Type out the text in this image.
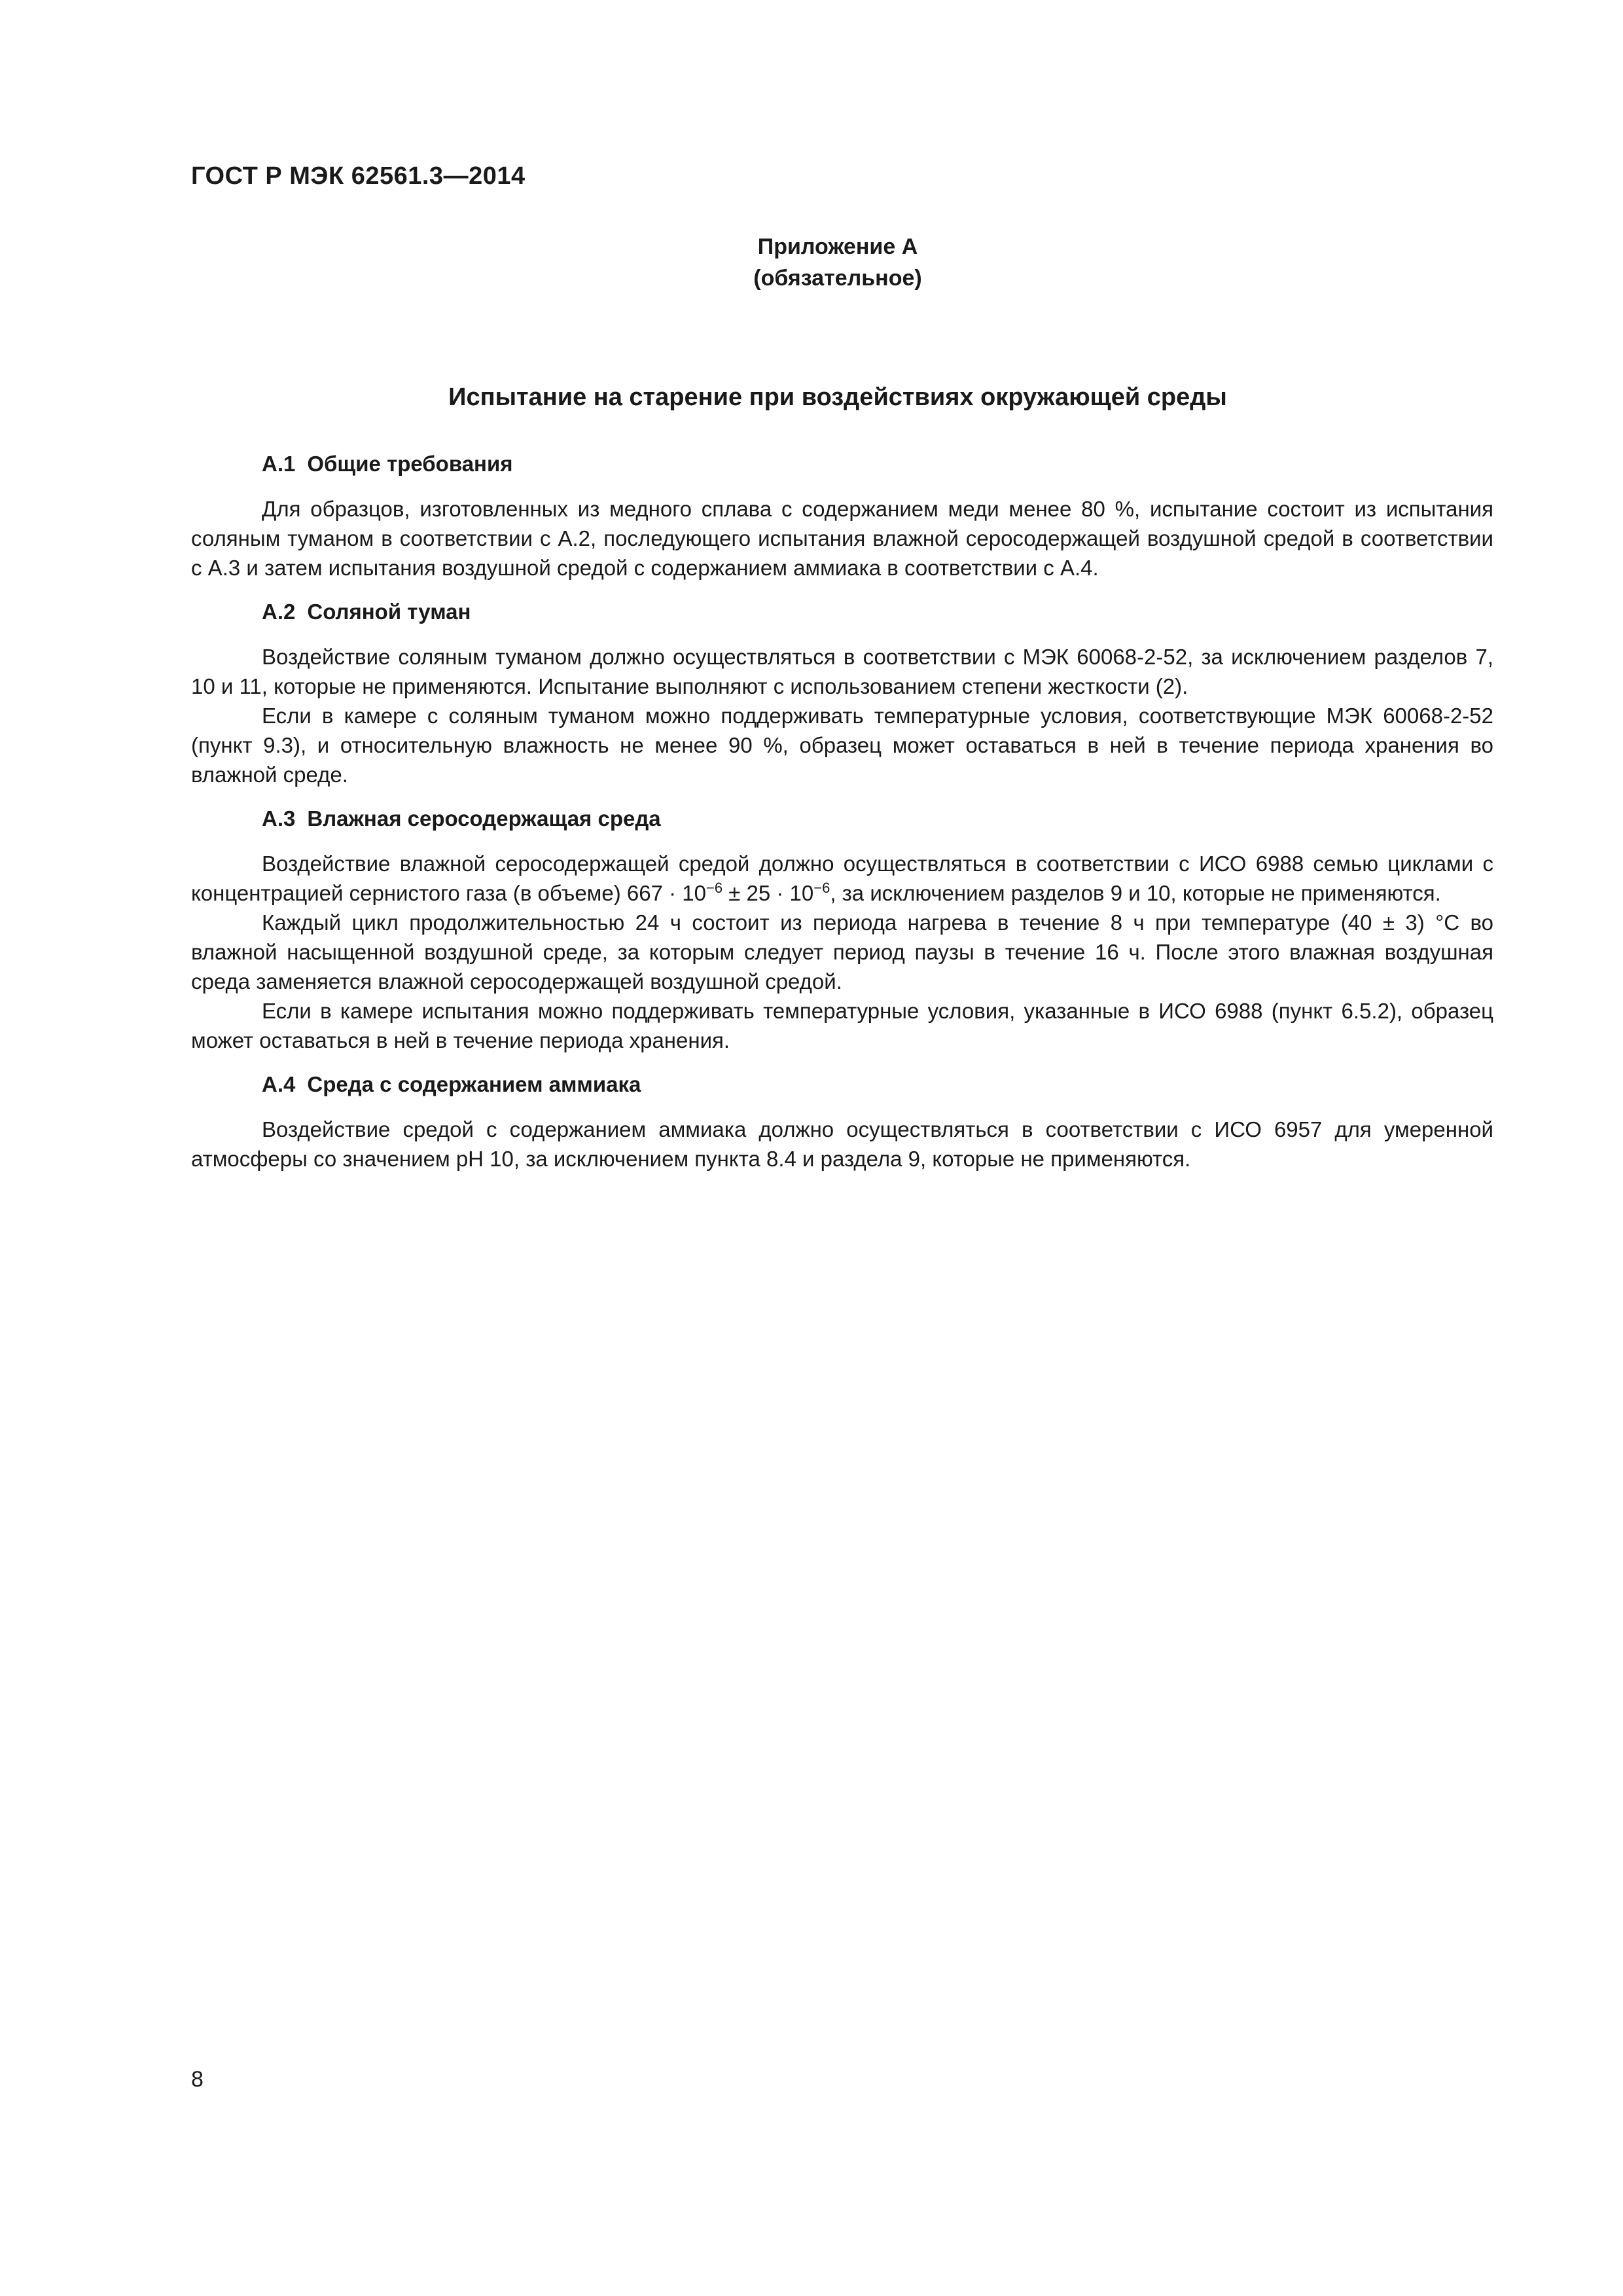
ГОСТ Р МЭК 62561.3—2014
Приложение А
(обязательное)
Испытание на старение при воздействиях окружающей среды
А.1 Общие требования

Для образцов, изготовленных из медного сплава с содержанием меди менее 80 %, испытание состоит из испытания соляным туманом в соответствии с А.2, последующего испытания влажной серосодержащей воздушной средой в соответствии с А.3 и затем испытания воздушной средой с содержанием аммиака в соответствии с А.4.

А.2 Соляной туман

Воздействие соляным туманом должно осуществляться в соответствии с МЭК 60068-2-52, за исключением разделов 7, 10 и 11, которые не применяются. Испытание выполняют с использованием степени жесткости (2).

Если в камере с соляным туманом можно поддерживать температурные условия, соответствующие МЭК 60068-2-52 (пункт 9.3), и относительную влажность не менее 90 %, образец может оставаться в ней в течение периода хранения во влажной среде.

А.3 Влажная серосодержащая среда

Воздействие влажной серосодержащей средой должно осуществляться в соответствии с ИСО 6988 семью циклами с концентрацией сернистого газа (в объеме) $667 \cdot 10^{-6} \pm 25 \cdot 10^{-6}$, за исключением разделов 9 и 10, которые не применяются.

Каждый цикл продолжительностью 24 ч состоит из периода нагрева в течение 8 ч при температуре (40 ± 3) °С во влажной насыщенной воздушной среде, за которым следует период паузы в течение 16 ч. После этого влажная воздушная среда заменяется влажной серосодержащей воздушной средой.

Если в камере испытания можно поддерживать температурные условия, указанные в ИСО 6988 (пункт 6.5.2), образец может оставаться в ней в течение периода хранения.

А.4 Среда с содержанием аммиака

Воздействие средой с содержанием аммиака должно осуществляться в соответствии с ИСО 6957 для умеренной атмосферы со значением рН 10, за исключением пункта 8.4 и раздела 9, которые не применяются.

8
